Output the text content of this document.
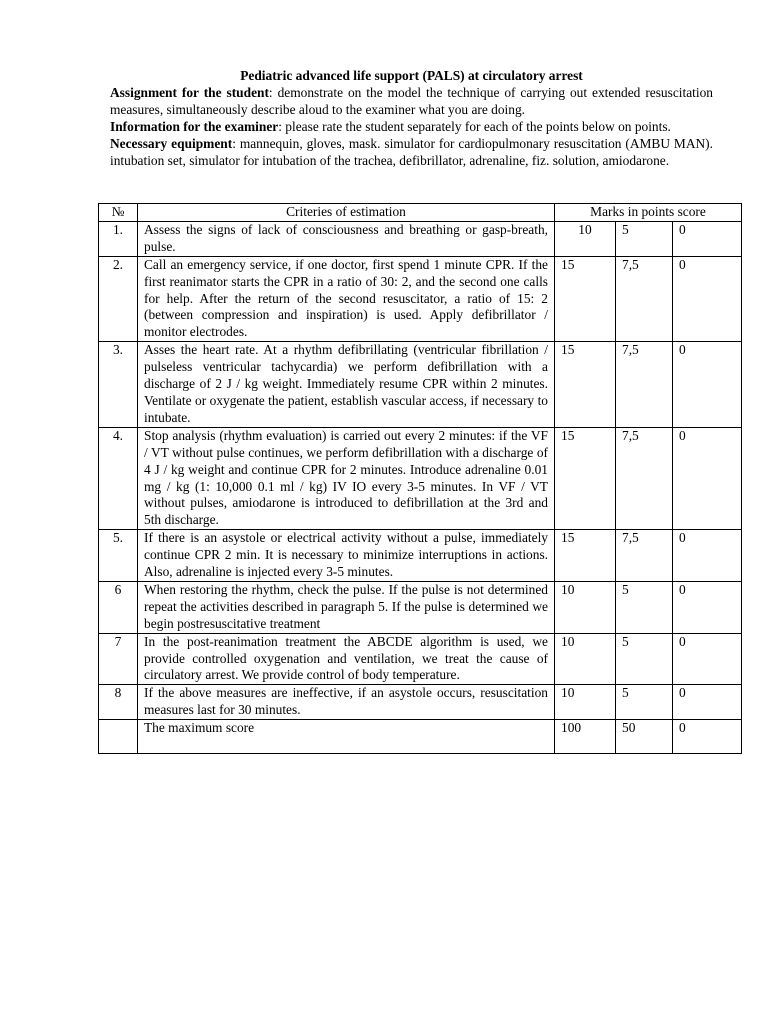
Pediatric advanced life support (PALS) at circulatory arrest

Assignment for the student: demonstrate on the model the technique of carrying out extended resuscitation measures, simultaneously describe aloud to the examiner what you are doing.

Information for the examiner: please rate the student separately for each of the points below on points.

Necessary equipment: mannequin, gloves, mask. simulator for cardiopulmonary resuscitation (AMBU MAN). intubation set, simulator for intubation of the trachea, defibrillator, adrenaline, fiz. solution, amiodarone.

№	Criteries of estimation	Marks in points score		
1.	Assess the signs of lack of consciousness and breathing or gasp-breath, pulse.	10	5	0
2.	Call an emergency service, if one doctor, first spend 1 minute CPR. If the first reanimator starts the CPR in a ratio of 30: 2, and the second one calls for help. After the return of the second resuscitator, a ratio of 15: 2 (between compression and inspiration) is used. Apply defibrillator / monitor electrodes.	15	7,5	0
3.	Asses the heart rate. At a rhythm defibrillating (ventricular fibrillation / pulseless ventricular tachycardia) we perform defibrillation with a discharge of 2 J / kg weight. Immediately resume CPR within 2 minutes. Ventilate or oxygenate the patient, establish vascular access, if necessary to intubate.	15	7,5	0
4.	Stop analysis (rhythm evaluation) is carried out every 2 minutes: if the VF / VT without pulse continues, we perform defibrillation with a discharge of 4 J / kg weight and continue CPR for 2 minutes. Introduce adrenaline 0.01 mg / kg (1: 10,000 0.1 ml / kg) IV IO every 3-5 minutes. In VF / VT without pulses, amiodarone is introduced to defibrillation at the 3rd and 5th discharge.	15	7,5	0
5.	If there is an asystole or electrical activity without a pulse, immediately continue CPR 2 min. It is necessary to minimize interruptions in actions. Also, adrenaline is injected every 3-5 minutes.	15	7,5	0
6	When restoring the rhythm, check the pulse. If the pulse is not determined repeat the activities described in paragraph 5. If the pulse is determined we begin postresuscitative treatment	10	5	0
7	In the post-reanimation treatment the ABCDE algorithm is used, we provide controlled oxygenation and ventilation, we treat the cause of circulatory arrest. We provide control of body temperature.	10	5	0
8	If the above measures are ineffective, if an asystole occurs, resuscitation measures last for 30 minutes.	10	5	0
	The maximum score	100	50	0
